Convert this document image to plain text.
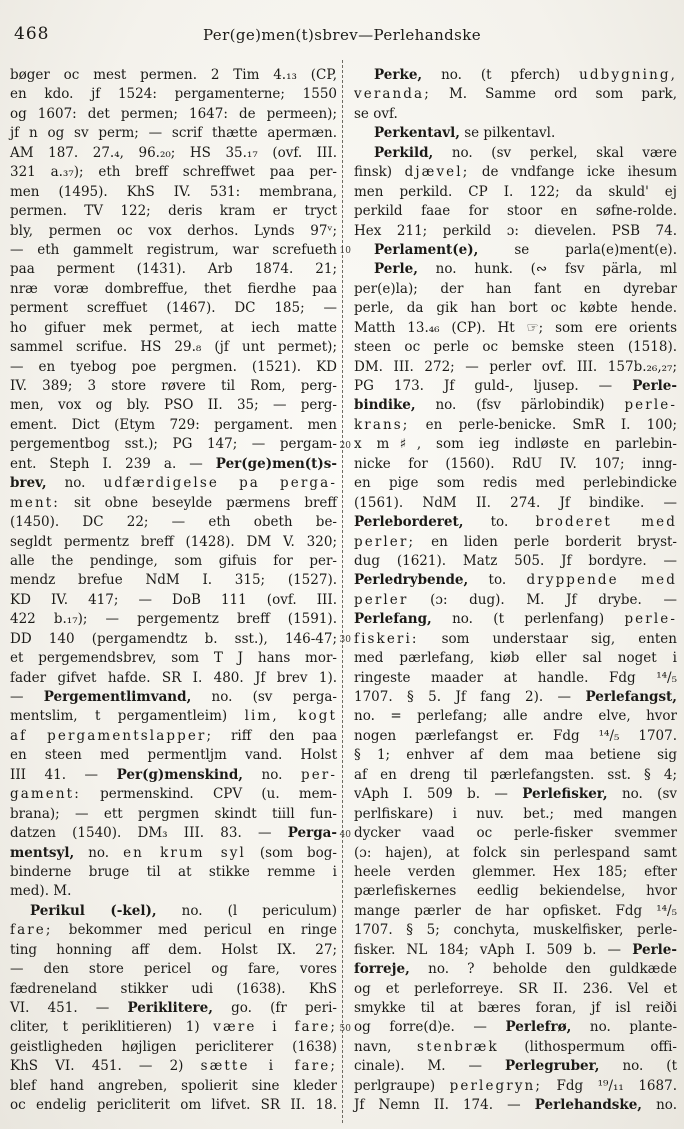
468	Per(ge)men(t)sbrev—Perlehandske
bøger oc mest permen. 2 Tim 4.₁₃ (CP,
en kdo. jf 1524: pergamenterne; 1550
og 1607: det permen; 1647: de permeen);
jf n og sv perm; — scrif thætte apermæn.
AM 187. 27.₄, 96.₂₀; HS 35.₁₇ (ovf. III.
321 a.₃₇); eth breff schreffwet paa per-
men (1495). KhS IV. 531: membrana,
permen. TV 122; deris kram er tryct
bly, permen oc vox derhos. Lynds 97ᵛ;
— eth gammelt registrum, war screfueth
paa perment (1431). Arb 1874. 21;
nræ voræ dombreffue, thet fierdhe paa
perment screffuet (1467). DC 185; —
ho gifuer mek permet, at iech matte
sammel scrifue. HS 29.₈ (jf unt permet);
— en tyebog poe pergmen. (1521). KD
IV. 389; 3 store røvere til Rom, perg-
men, vox og bly. PSO II. 35; — perg-
ement. Dict (Etym 729: pergament. men
pergementbog sst.); PG 147; — pergam-
ent. Steph I. 239 a. — Per(ge)men(t)s-
brev, no. udfærdigelse pa perga-
ment: sit obne beseylde pærmens breff
(1450). DC 22; — eth obeth be-
segldt permentz breff (1428). DM V. 320;
alle the pendinge, som gifuis for per-
mendz brefue NdM I. 315; (1527).
KD IV. 417; — DoB 111 (ovf. III.
422 b.₁₇); — pergementz breff (1591).
DD 140 (pergamendtz b. sst.), 146-47;
et pergemendsbrev, som T J hans mor-
fader gifvet hafde. SR I. 480. Jf brev 1).
— Pergementlimvand, no. (sv perga-
mentslim, t pergamentleim) lim, kogt
af pergamentslapper; riff den paa
en steen med permentljm vand. Holst
III 41. — Per(g)menskind, no. per-
gament: permenskind. CPV (u. mem-
brana); — ett pergmen skindt tiill fun-
datzen (1540). DM₃ III. 83. — Perga-
mentsyl, no. en krum syl (som bog-
binderne bruge til at stikke remme i
med). M.
Perikul (-kel), no. (l periculum)
fare; bekommer med pericul en ringe
ting honning aff dem. Holst IX. 27;
— den store pericel og fare, vores
fædreneland stikker udi (1638). KhS
VI. 451. — Periklitere, go. (fr peri-
cliter, t periklitieren) 1) være i fare;
geistligheden højligen pericliterer (1638)
KhS VI. 451. — 2) sætte i fare;
blef hand angreben, spolierit sine kleder
oc endelig pericliterit om lifvet. SR II. 18.
Perke, no. (t pferch) udbygning,
veranda; M. Samme ord som park,
se ovf.
Perkentavl, se pilkentavl.
Perkild, no. (sv perkel, skal være
finsk) djævel; de vndfange icke ihesum
men perkild. CP I. 122; da skuld' ej
perkild faae for stoor en søfne-rolde.
Hex 211; perkild ɔ: dievelen. PSB 74.
Perlament(e), se parla(e)ment(e).
Perle, no. hunk. (∾ fsv pärla, ml
per(e)la); der han fant en dyrebar
perle, da gik han bort oc købte hende.
Matth 13.₄₆ (CP). Ht ☞; som ere orients
steen oc perle oc bemske steen (1518).
DM. III. 272; — perler ovf. III. 157b.₂₆,₂₇;
PG 173. Jf guld-, ljusep. — Perle-
bindike, no. (fsv pärlobindik) perle-
krans; en perle-benicke. SmR I. 100;
x m♯, som ieg indløste en parlebin-
nicke for (1560). RdU IV. 107; inng-
en pige som redis med perlebindicke
(1561). NdM II. 274. Jf bindike. —
Perleborderet, to. broderet med
perler; en liden perle borderit bryst-
dug (1621). Matz 505. Jf bordyre. —
Perledrybende, to. dryppende med
perler (ɔ: dug). M. Jf drybe. —
Perlefang, no. (t perlenfang) perle-
fiskeri: som understaar sig, enten
med pærlefang, kiøb eller sal noget i
ringeste maader at handle. Fdg ¹⁴/₅
1707. § 5. Jf fang 2). — Perlefangst,
no. = perlefang; alle andre elve, hvor
nogen pærlefangst er. Fdg ¹⁴/₅ 1707.
§ 1; enhver af dem maa betiene sig
af en dreng til pærlefangsten. sst. § 4;
vAph I. 509 b. — Perlefisker, no. (sv
perlfiskare) i nuv. bet.; med mangen
dycker vaad oc perle-fisker svemmer
(ɔ: hajen), at folck sin perlespand samt
heele verden glemmer. Hex 185; efter
pærlefiskernes eedlig bekiendelse, hvor
mange pærler de har opfisket. Fdg ¹⁴/₅
1707. § 5; conchyta, muskelfisker, perle-
fisker. NL 184; vAph I. 509 b. — Perle-
forreje, no. ? beholde den guldkæde
og et perleforreye. SR II. 236. Vel et
smykke til at bæres foran, jf isl reiði
og forre(d)e. — Perlefrø, no. plante-
navn, stenbræk (lithospermum offi-
cinale). M. — Perlegruber, no. (t
perlgraupe) perlegryn; Fdg ¹⁹/₁₁ 1687.
Jf Nemn II. 174. — Perlehandske, no.
10
20
30
40
50
